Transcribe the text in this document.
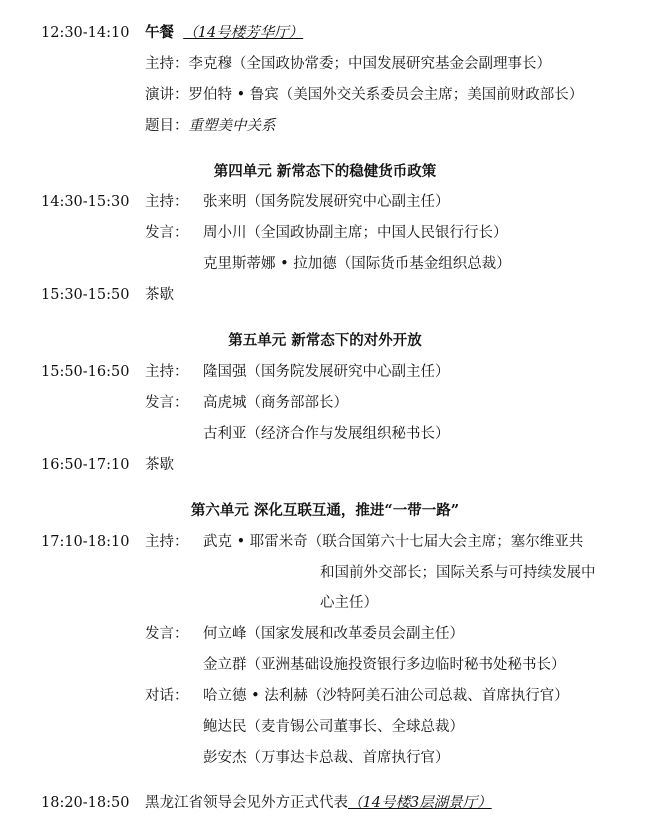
12:30-14:10 午餐 （14号楼芳华厅）
主持：李克穆（全国政协常委；中国发展研究基金会副理事长）
演讲：罗伯特 • 鲁宾（美国外交关系委员会主席；美国前财政部长）
题目：重塑美中关系
第四单元 新常态下的稳健货币政策
14:30-15:30 主持： 张来明（国务院发展研究中心副主任）
发言： 周小川（全国政协副主席；中国人民银行行长）
克里斯蒂娜 • 拉加德（国际货币基金组织总裁）
15:30-15:50 茶歇
第五单元 新常态下的对外开放
15:50-16:50 主持： 隆国强（国务院发展研究中心副主任）
发言： 高虎城（商务部部长）
古利亚（经济合作与发展组织秘书长）
16:50-17:10 茶歇
第六单元 深化互联互通，推进“一带一路”
17:10-18:10 主持： 武克 • 耶雷米奇（联合国第六十七届大会主席；塞尔维亚共
和国前外交部长；国际关系与可持续发展中
心主任）
发言： 何立峰（国家发展和改革委员会副主任）
金立群（亚洲基础设施投资银行多边临时秘书处秘书长）
对话： 哈立德 • 法利赫（沙特阿美石油公司总裁、首席执行官）
鲍达民（麦肯锡公司董事长、全球总裁）
彭安杰（万事达卡总裁、首席执行官）
18:20-18:50 黑龙江省领导会见外方正式代表（14号楼3层湖景厅）
